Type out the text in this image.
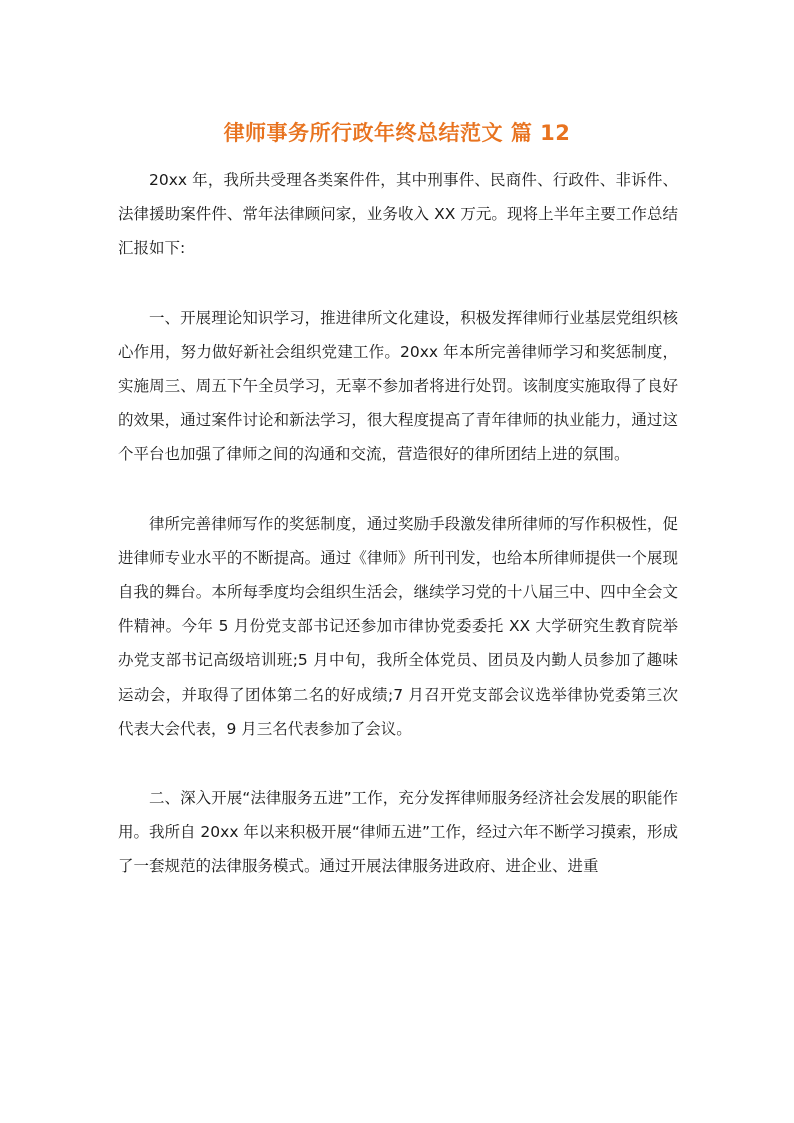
律师事务所行政年终总结范文 篇 12

20xx 年，我所共受理各类案件件，其中刑事件、民商件、行政件、非诉件、法律援助案件件、常年法律顾问家，业务收入 XX 万元。现将上半年主要工作总结汇报如下:

一、开展理论知识学习，推进律所文化建设，积极发挥律师行业基层党组织核心作用，努力做好新社会组织党建工作。20xx 年本所完善律师学习和奖惩制度，实施周三、周五下午全员学习，无辜不参加者将进行处罚。该制度实施取得了良好的效果，通过案件讨论和新法学习，很大程度提高了青年律师的执业能力，通过这个平台也加强了律师之间的沟通和交流，营造很好的律所团结上进的氛围。

律所完善律师写作的奖惩制度，通过奖励手段激发律所律师的写作积极性，促进律师专业水平的不断提高。通过《律师》所刊刊发，也给本所律师提供一个展现自我的舞台。本所每季度均会组织生活会，继续学习党的十八届三中、四中全会文件精神。今年 5 月份党支部书记还参加市律协党委委托 XX 大学研究生教育院举办党支部书记高级培训班;5 月中旬，我所全体党员、团员及内勤人员参加了趣味运动会，并取得了团体第二名的好成绩;7 月召开党支部会议选举律协党委第三次代表大会代表，9 月三名代表参加了会议。

二、深入开展“法律服务五进”工作，充分发挥律师服务经济社会发展的职能作用。我所自 20xx 年以来积极开展“律师五进”工作，经过六年不断学习摸索，形成了一套规范的法律服务模式。通过开展法律服务进政府、进企业、进重
